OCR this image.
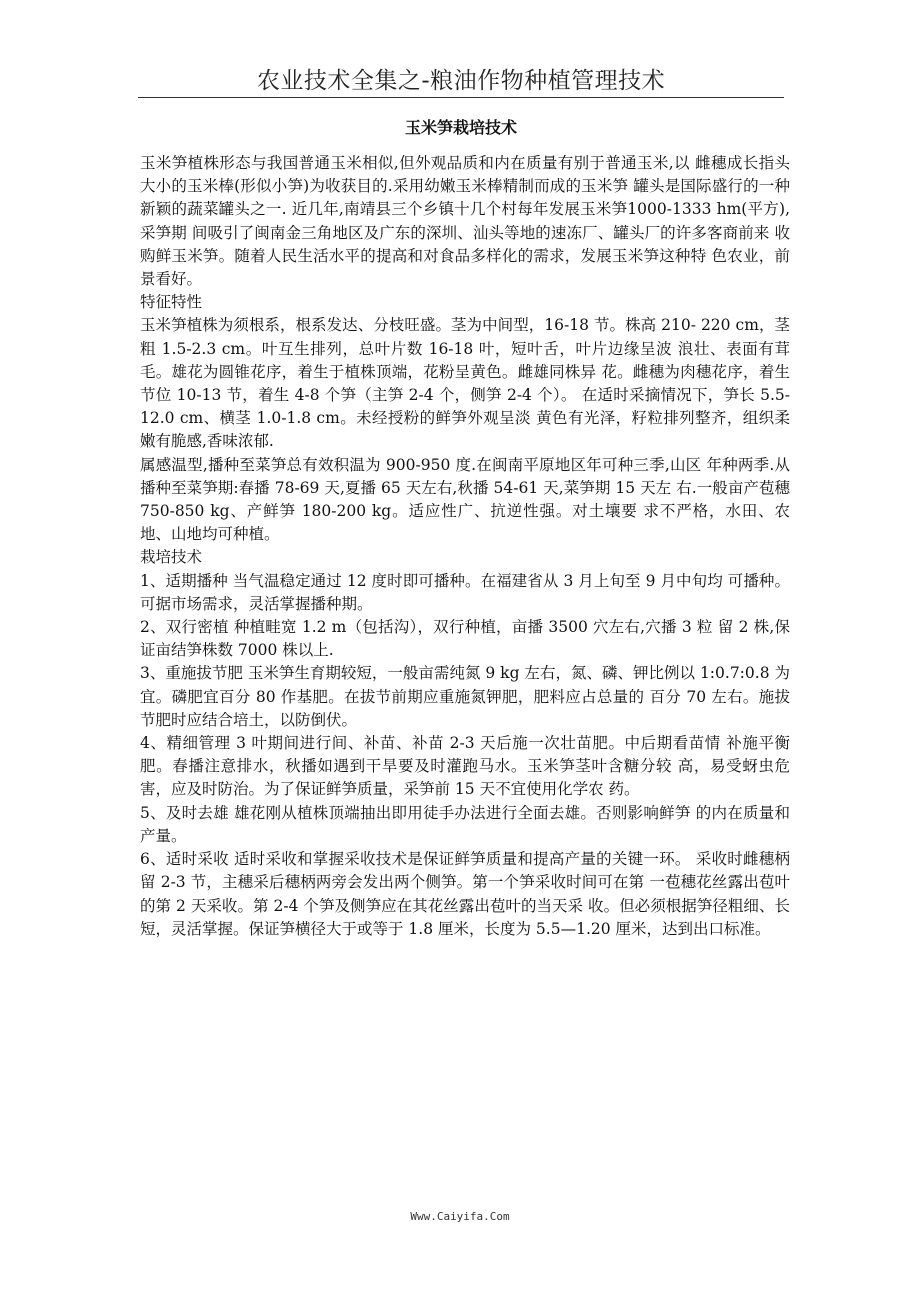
农业技术全集之-粮油作物种植管理技术
玉米笋栽培技术

玉米笋植株形态与我国普通玉米相似,但外观品质和内在质量有别于普通玉米,以 雌穗成长指头大小的玉米棒(形似小笋)为收获目的.采用幼嫩玉米棒精制而成的玉米笋 罐头是国际盛行的一种新颖的蔬菜罐头之一. 近几年,南靖县三个乡镇十几个村每年发展玉米笋1000-1333 hm(平方),采笋期 间吸引了闽南金三角地区及广东的深圳、汕头等地的速冻厂、罐头厂的许多客商前来 收购鲜玉米笋。随着人民生活水平的提高和对食品多样化的需求，发展玉米笋这种特 色农业，前景看好。

特征特性

玉米笋植株为须根系，根系发达、分枝旺盛。茎为中间型，16-18 节。株高 210- 220 cm，茎粗 1.5-2.3 cm。叶互生排列，总叶片数 16-18 叶，短叶舌，叶片边缘呈波 浪壮、表面有茸毛。雄花为圆锥花序，着生于植株顶端，花粉呈黄色。雌雄同株异 花。雌穗为肉穗花序，着生节位 10-13 节，着生 4-8 个笋（主笋 2-4 个，侧笋 2-4 个）。 在适时采摘情况下，笋长 5.5-12.0 cm、横茎 1.0-1.8 cm。未经授粉的鲜笋外观呈淡 黄色有光泽，籽粒排列整齐，组织柔嫩有脆感,香味浓郁.

属感温型,播种至菜笋总有效积温为 900-950 度.在闽南平原地区年可种三季,山区 年种两季.从播种至菜笋期:春播 78-69 天,夏播 65 天左右,秋播 54-61 天,菜笋期 15 天左 右.一般亩产苞穗 750-850 kg、产鲜笋 180-200 kg。适应性广、抗逆性强。对土壤要 求不严格，水田、农地、山地均可种植。

栽培技术

1、适期播种 当气温稳定通过 12 度时即可播种。在福建省从 3 月上旬至 9 月中旬均 可播种。可据市场需求，灵活掌握播种期。

2、双行密植 种植畦宽 1.2 m（包括沟），双行种植，亩播 3500 穴左右,穴播 3 粒 留 2 株,保证亩结笋株数 7000 株以上.

3、重施拔节肥 玉米笋生育期较短，一般亩需纯氮 9 kg 左右，氮、磷、钾比例以 1:0.7:0.8 为宜。磷肥宜百分 80 作基肥。在拔节前期应重施氮钾肥，肥料应占总量的 百分 70 左右。施拔节肥时应结合培土，以防倒伏。

4、精细管理 3 叶期间进行间、补苗、补苗 2-3 天后施一次壮苗肥。中后期看苗情 补施平衡肥。春播注意排水，秋播如遇到干旱要及时灌跑马水。玉米笋茎叶含糖分较 高，易受蚜虫危害，应及时防治。为了保证鲜笋质量，采笋前 15 天不宜使用化学农 药。

5、及时去雄 雄花刚从植株顶端抽出即用徒手办法进行全面去雄。否则影响鲜笋 的内在质量和产量。

6、适时采收 适时采收和掌握采收技术是保证鲜笋质量和提高产量的关键一环。 采收时雌穗柄留 2-3 节，主穗采后穗柄两旁会发出两个侧笋。第一个笋采收时间可在第 一苞穗花丝露出苞叶的第 2 天采收。第 2-4 个笋及侧笋应在其花丝露出苞叶的当天采 收。但必须根据笋径粗细、长短，灵活掌握。保证笋横径大于或等于 1.8 厘米，长度为 5.5—1.20 厘米，达到出口标准。

Www.Caiyifa.Com
